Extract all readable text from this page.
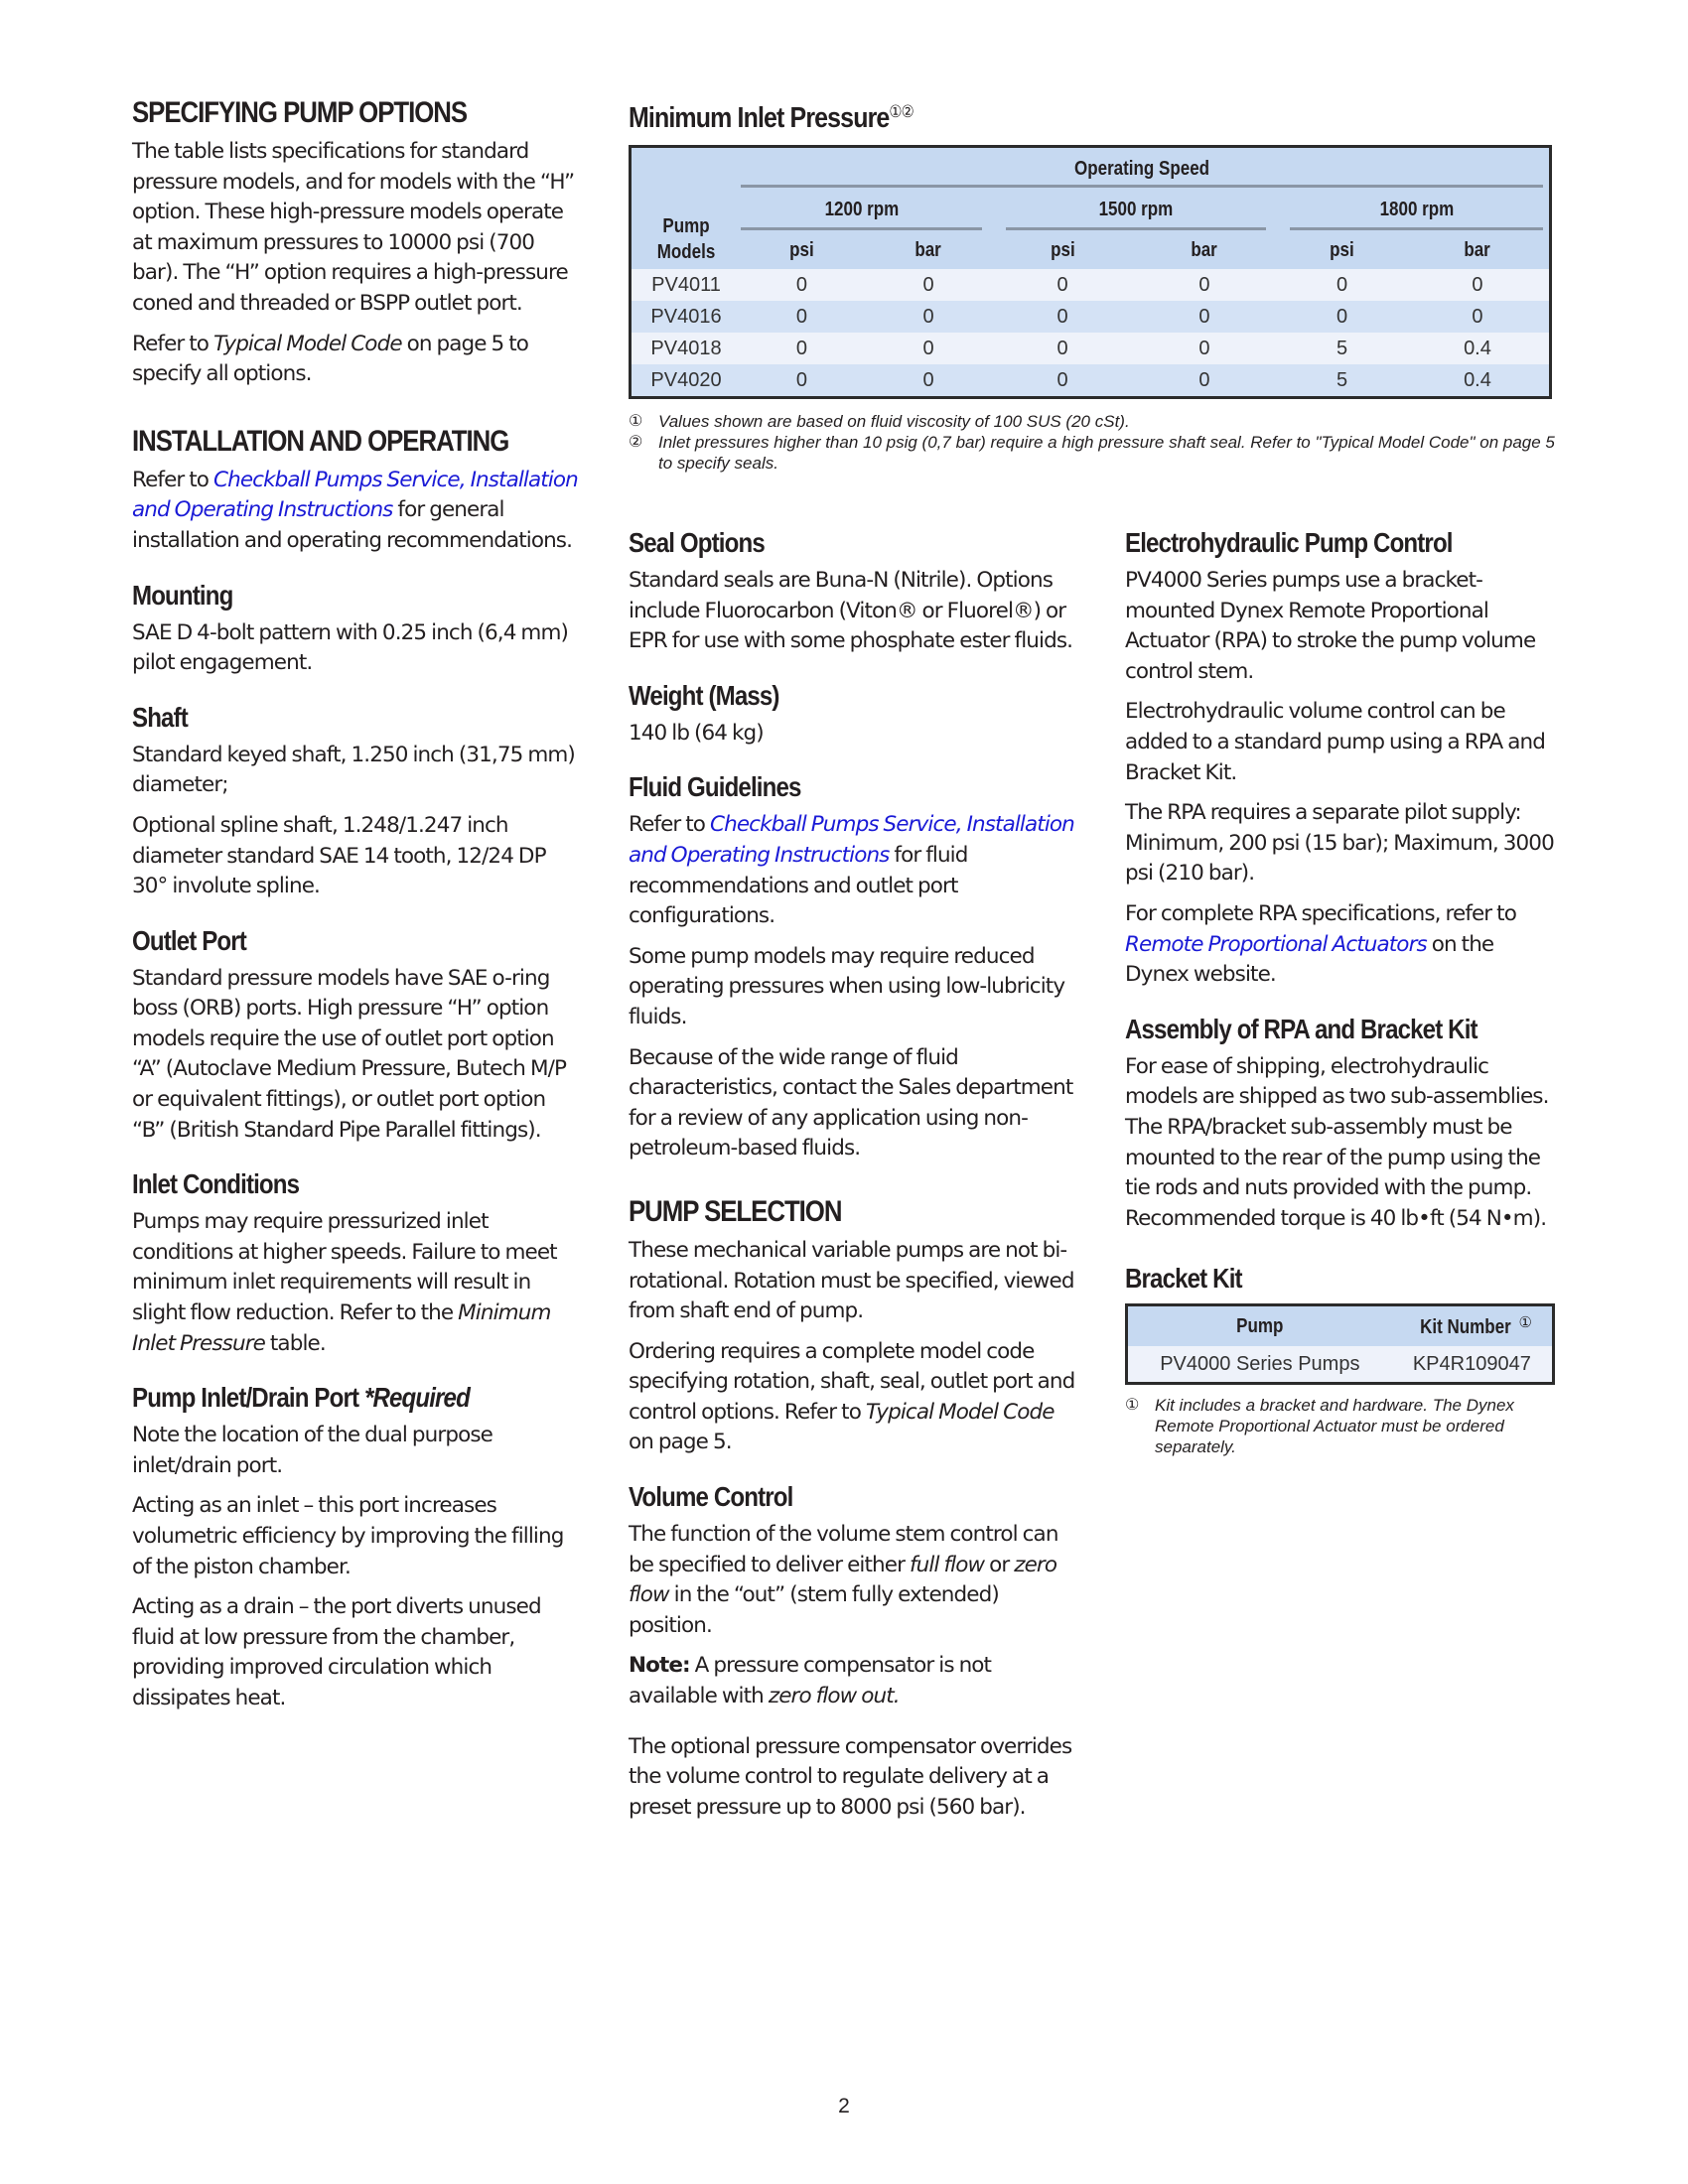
SPECIFYING PUMP OPTIONS

The table lists specifications for standard pressure models, and for models with the “H” option. These high-pressure models operate at maximum pressures to 10000 psi (700 bar). The “H” option requires a high-pressure coned and threaded or BSPP outlet port.

Refer to Typical Model Code on page 5 to specify all options.

INSTALLATION AND OPERATING

Refer to Checkball Pumps Service, Installation and Operating Instructions for general installation and operating recommendations.

Mounting

SAE D 4-bolt pattern with 0.25 inch (6,4 mm) pilot engagement.

Shaft

Standard keyed shaft, 1.250 inch (31,75 mm) diameter;

Optional spline shaft, 1.248/1.247 inch diameter standard SAE 14 tooth, 12/24 DP 30° involute spline.

Outlet Port

Standard pressure models have SAE o-ring boss (ORB) ports. High pressure “H” option models require the use of outlet port option “A” (Autoclave Medium Pressure, Butech M/P or equivalent fittings), or outlet port option “B” (British Standard Pipe Parallel fittings).

Inlet Conditions

Pumps may require pressurized inlet conditions at higher speeds. Failure to meet minimum inlet requirements will result in slight flow reduction. Refer to the Minimum Inlet Pressure table.

Pump Inlet/Drain Port *Required

Note the location of the dual purpose inlet/drain port.

Acting as an inlet – this port increases volumetric efficiency by improving the filling of the piston chamber.

Acting as a drain – the port diverts unused fluid at low pressure from the chamber, providing improved circulation which dissipates heat.

Minimum Inlet Pressure①②
Pump Models	Operating Speed					

	1200 rpm		1500 rpm		1800 rpm	

	psi	bar	psi	bar	psi	bar
PV4011	0	0	0	0	0	0
PV4016	0	0	0	0	0	0
PV4018	0	0	0	0	5	0.4
PV4020	0	0	0	0	5	0.4

① Values shown are based on fluid viscosity of 100 SUS (20 cSt).

② Inlet pressures higher than 10 psig (0,7 bar) require a high pressure shaft seal. Refer to "Typical Model Code" on page 5 to specify seals.

Seal Options

Standard seals are Buna-N (Nitrile). Options include Fluorocarbon (Viton® or Fluorel®) or EPR for use with some phosphate ester fluids.

Weight (Mass)

140 lb (64 kg)

Fluid Guidelines

Refer to Checkball Pumps Service, Installation and Operating Instructions for fluid recommendations and outlet port configurations.

Some pump models may require reduced operating pressures when using low-lubricity fluids.

Because of the wide range of fluid characteristics, contact the Sales department for a review of any application using non-petroleum-based fluids.

PUMP SELECTION

These mechanical variable pumps are not bi-rotational. Rotation must be specified, viewed from shaft end of pump.

Ordering requires a complete model code specifying rotation, shaft, seal, outlet port and control options. Refer to Typical Model Code on page 5.

Volume Control

The function of the volume stem control can be specified to deliver either full flow or zero flow in the “out” (stem fully extended) position.

Note: A pressure compensator is not available with zero flow out.

The optional pressure compensator overrides the volume control to regulate delivery at a preset pressure up to 8000 psi (560 bar).

Electrohydraulic Pump Control

PV4000 Series pumps use a bracket-mounted Dynex Remote Proportional Actuator (RPA) to stroke the pump volume control stem.

Electrohydraulic volume control can be added to a standard pump using a RPA and Bracket Kit.

The RPA requires a separate pilot supply: Minimum, 200 psi (15 bar); Maximum, 3000 psi (210 bar).

For complete RPA specifications, refer to Remote Proportional Actuators on the Dynex website.

Assembly of RPA and Bracket Kit

For ease of shipping, electrohydraulic models are shipped as two sub-assemblies. The RPA/bracket sub-assembly must be mounted to the rear of the pump using the tie rods and nuts provided with the pump. Recommended torque is 40 lb•ft (54 N•m).

Bracket Kit
Pump	Kit Number ①
PV4000 Series Pumps	KP4R109047

① Kit includes a bracket and hardware. The Dynex Remote Proportional Actuator must be ordered separately.

2
